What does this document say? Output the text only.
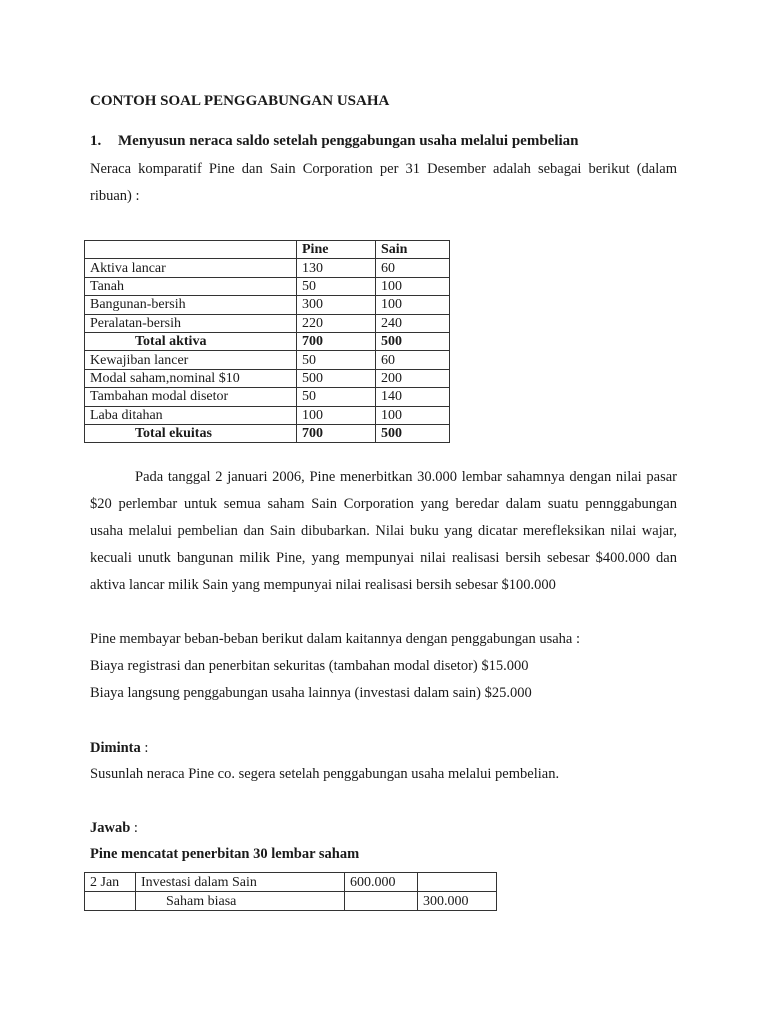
CONTOH SOAL PENGGABUNGAN USAHA
1. Menyusun neraca saldo setelah penggabungan usaha melalui pembelian
Neraca komparatif Pine dan Sain Corporation per 31 Desember adalah sebagai berikut (dalam ribuan) :
	Pine	Sain
Aktiva lancar	130	60
Tanah	50	100
Bangunan-bersih	300	100
Peralatan-bersih	220	240
Total aktiva	700	500
Kewajiban lancer	50	60
Modal saham,nominal $10	500	200
Tambahan modal disetor	50	140
Laba ditahan	100	100
Total ekuitas	700	500
Pada tanggal 2 januari 2006, Pine menerbitkan 30.000 lembar sahamnya dengan nilai pasar $20 perlembar untuk semua saham Sain Corporation yang beredar dalam suatu pennggabungan usaha melalui pembelian dan Sain dibubarkan. Nilai buku yang dicatar merefleksikan nilai wajar, kecuali unutk bangunan milik Pine, yang mempunyai nilai realisasi bersih sebesar $400.000 dan aktiva lancar milik Sain yang mempunyai nilai realisasi bersih sebesar $100.000
Pine membayar beban-beban berikut dalam kaitannya dengan penggabungan usaha :
Biaya registrasi dan penerbitan sekuritas (tambahan modal disetor) $15.000
Biaya langsung penggabungan usaha lainnya (investasi dalam sain) $25.000
Diminta :
Susunlah neraca Pine co. segera setelah penggabungan usaha melalui pembelian.
Jawab :
Pine mencatat penerbitan 30 lembar saham
2 Jan	Investasi dalam Sain	600.000	
	Saham biasa		300.000
